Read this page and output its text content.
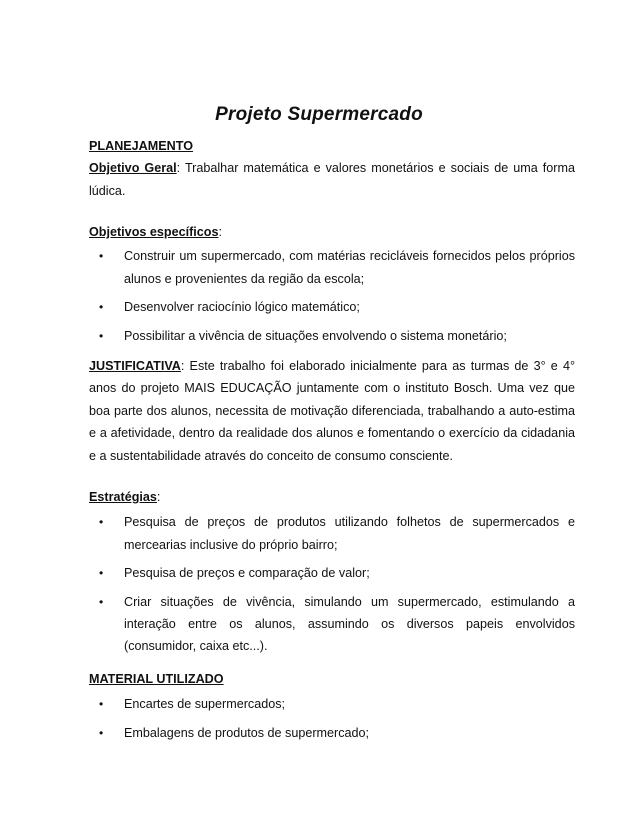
Projeto Supermercado
PLANEJAMENTO
Objetivo Geral: Trabalhar matemática e valores monetários e sociais de uma forma lúdica.
Objetivos específicos:
• Construir um supermercado, com matérias recicláveis fornecidos pelos próprios alunos e provenientes da região da escola;
• Desenvolver raciocínio lógico matemático;
• Possibilitar a vivência de situações envolvendo o sistema monetário;
JUSTIFICATIVA: Este trabalho foi elaborado inicialmente para as turmas de 3° e 4° anos do projeto MAIS EDUCAÇÃO juntamente com o instituto Bosch. Uma vez que boa parte dos alunos, necessita de motivação diferenciada, trabalhando a auto-estima e a afetividade, dentro da realidade dos alunos e fomentando o exercício da cidadania e a sustentabilidade através do conceito de consumo consciente.
Estratégias:
• Pesquisa de preços de produtos utilizando folhetos de supermercados e mercearias inclusive do próprio bairro;
• Pesquisa de preços e comparação de valor;
• Criar situações de vivência, simulando um supermercado, estimulando a interação entre os alunos, assumindo os diversos papeis envolvidos (consumidor, caixa etc...).
MATERIAL UTILIZADO
• Encartes de supermercados;
• Embalagens de produtos de supermercado;
